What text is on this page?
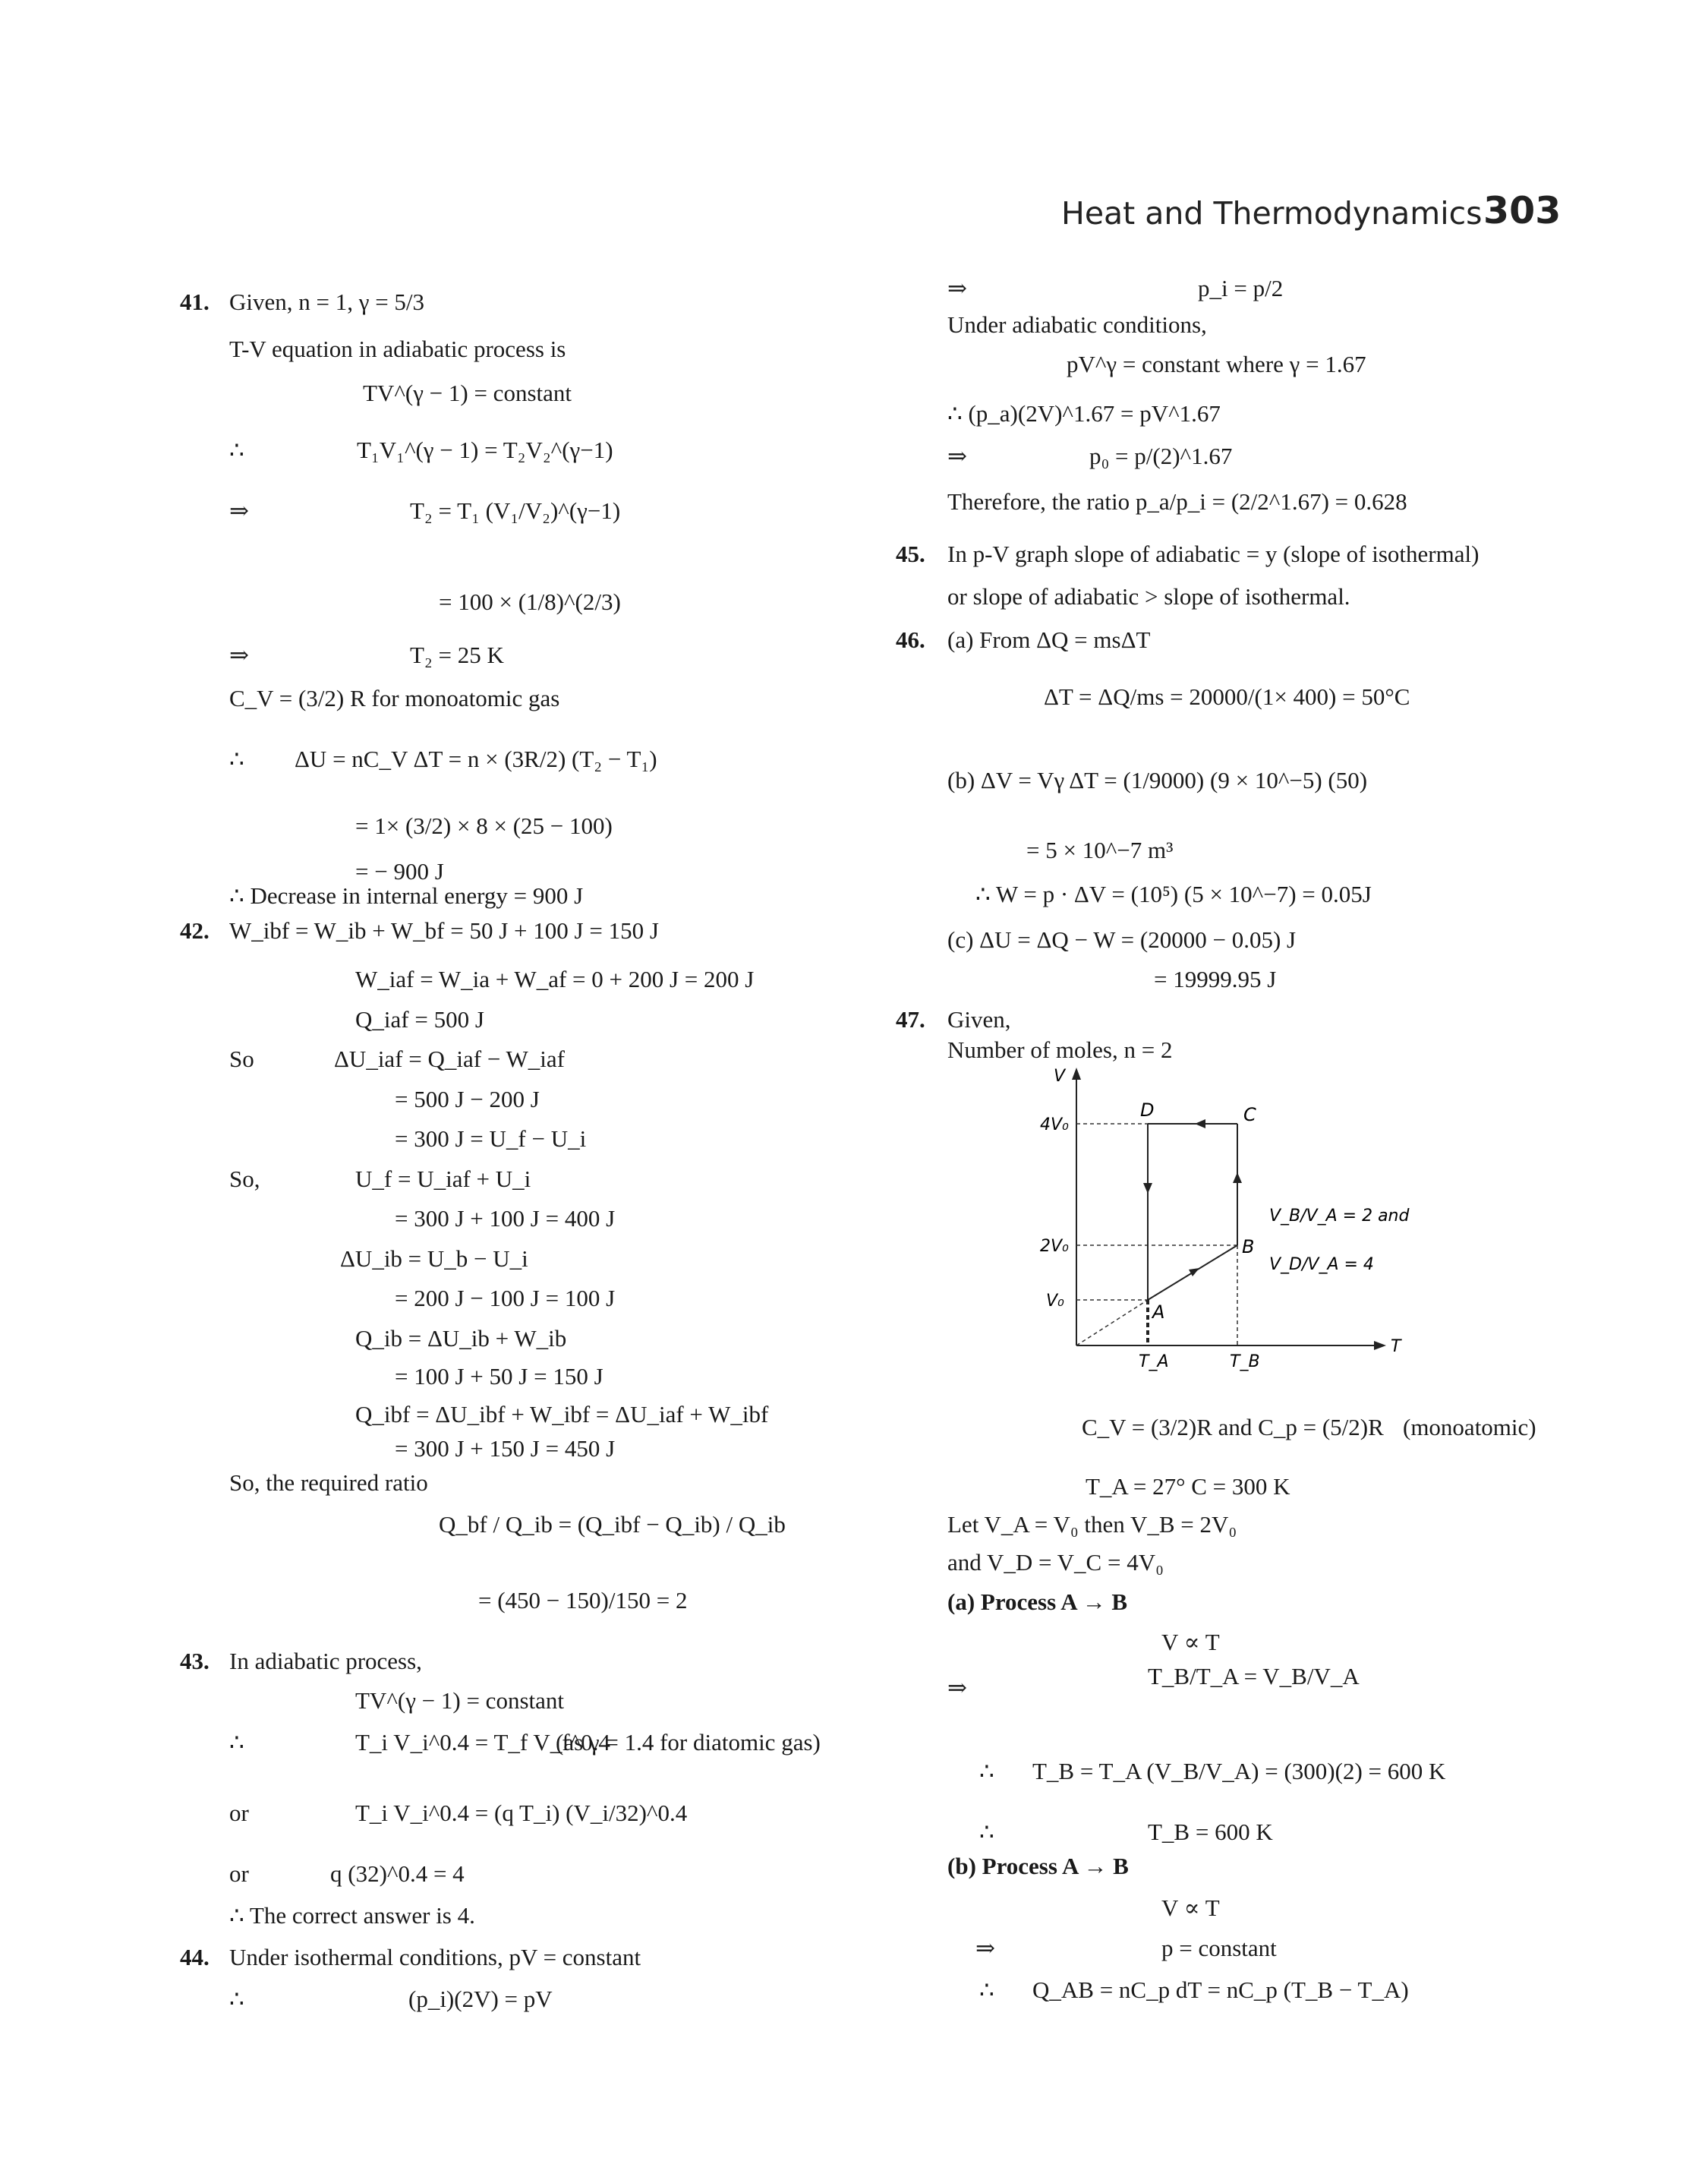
Heat and Thermodynamics 303
41. Given, n = 1, γ = 5/3
T-V equation in adiabatic process is
TV^(γ − 1) = constant
∴	T₁V₁^(γ − 1) = T₂V₂^(γ−1)
⇒	T₂ = T₁ (V₁/V₂)^(γ−1)
= 100 × (1/8)^(2/3)
⇒	T₂ = 25 K
C_V = (3/2) R for monoatomic gas
∴ ΔU = nC_V ΔT = n × (3R/2) (T₂ − T₁)
= 1× (3/2) × 8 × (25 − 100)
= − 900 J
∴ Decrease in internal energy = 900 J
42. W_ibf = W_ib + W_bf = 50 J + 100 J = 150 J
W_iaf = W_ia + W_af = 0 + 200 J = 200 J
Q_iaf = 500 J
So	ΔU_iaf = Q_iaf − W_iaf
= 500 J − 200 J
= 300 J = U_f − U_i
So,	U_f = U_iaf + U_i
= 300 J + 100 J = 400 J
ΔU_ib = U_b − U_i
= 200 J − 100 J = 100 J
Q_ib = ΔU_ib + W_ib
= 100 J + 50 J = 150 J
Q_ibf = ΔU_ibf + W_ibf = ΔU_iaf + W_ibf
= 300 J + 150 J = 450 J
So, the required ratio
Q_bf / Q_ib = (Q_ibf − Q_ib) / Q_ib
= (450 − 150)/150 = 2
43. In adiabatic process,
TV^(γ − 1) = constant
∴	T_i V_i^0.4 = T_f V_f^0.4
(as γ = 1.4 for diatomic gas)
or	T_i V_i^0.4 = (q T_i) (V_i/32)^0.4
or	q (32)^0.4 = 4
∴ The correct answer is 4.
44. Under isothermal conditions, pV = constant
∴	(p_i)(2V) = pV
⇒	p_i = p/2
Under adiabatic conditions,
pV^γ = constant where γ = 1.67
∴ (p_a)(2V)^1.67 = pV^1.67
⇒	p₀ = p/(2)^1.67
Therefore, the ratio p_a/p_i = (2/2^1.67) = 0.628
45. In p-V graph slope of adiabatic = y (slope of isothermal)
or slope of adiabatic > slope of isothermal.
46. (a) From ΔQ = msΔT
ΔT = ΔQ/ms = 20000/(1× 400) = 50°C
(b) ΔV = Vγ ΔT = (1/9000) (9 × 10^−5) (50)
= 5 × 10^−7 m³
∴ W = p · ΔV = (10⁵) (5 × 10^−7) = 0.05J
(c) ΔU = ΔQ − W = (20000 − 0.05) J
= 19999.95 J
47. Given,
Number of moles, n = 2
C_V = (3/2)R and C_p = (5/2)R (monoatomic)
T_A = 27° C = 300 K
Let V_A = V₀ then V_B = 2V₀
and V_D = V_C = 4V₀
(a) Process A → B
V ∝ T
⇒	T_B/T_A = V_B/V_A
∴ T_B = T_A (V_B/V_A) = (300)(2) = 600 K
∴	T_B = 600 K
(b) Process A → B
V ∝ T
⇒	p = constant
∴ Q_AB = nC_p dT = nC_p (T_B − T_A)
V
T
4V₀
2V₀
V₀
T_A	T_B
A
B
C
D
V_B/V_A = 2 and
V_D/V_A = 4
